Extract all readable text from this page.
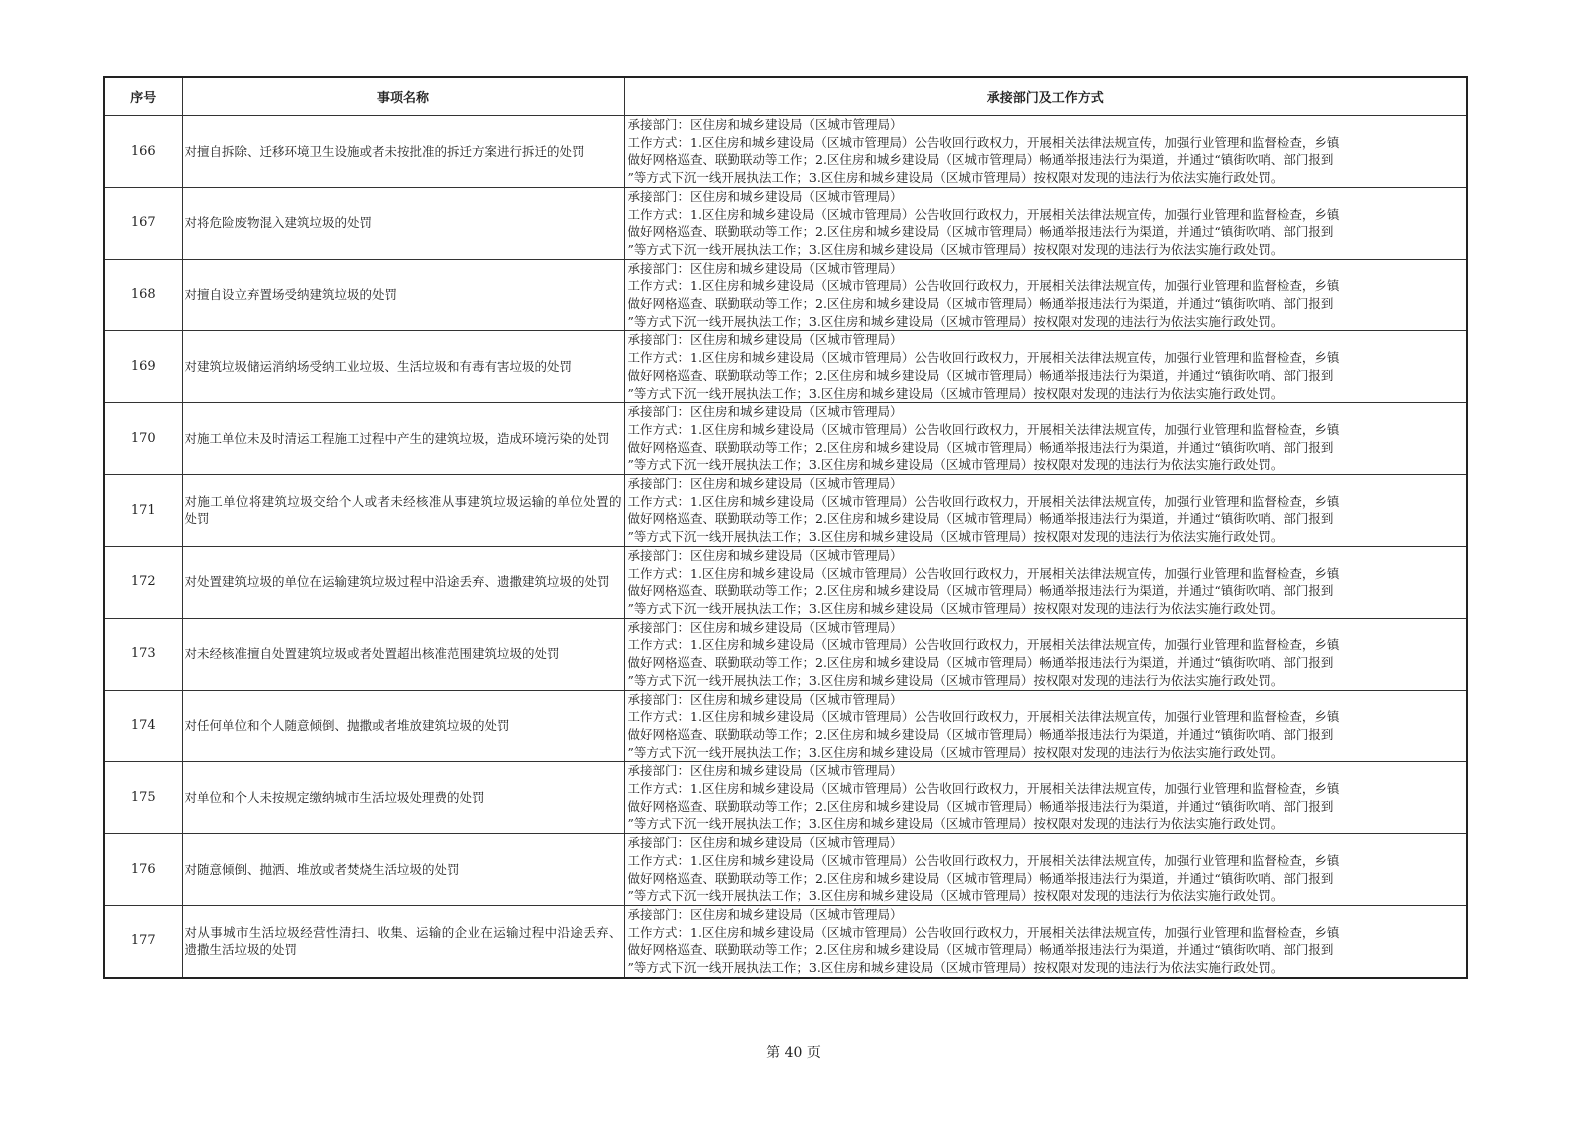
序号	事项名称	承接部门及工作方式
166	对擅自拆除、迁移环境卫生设施或者未按批准的拆迁方案进行拆迁的处罚	承接部门：区住房和城乡建设局（区城市管理局）
工作方式：1.区住房和城乡建设局（区城市管理局）公告收回行政权力，开展相关法律法规宣传，加强行业管理和监督检查，乡镇
做好网格巡查、联勤联动等工作；2.区住房和城乡建设局（区城市管理局）畅通举报违法行为渠道，并通过“镇街吹哨、部门报到
”等方式下沉一线开展执法工作；3.区住房和城乡建设局（区城市管理局）按权限对发现的违法行为依法实施行政处罚。

167	对将危险废物混入建筑垃圾的处罚	承接部门：区住房和城乡建设局（区城市管理局）
工作方式：1.区住房和城乡建设局（区城市管理局）公告收回行政权力，开展相关法律法规宣传，加强行业管理和监督检查，乡镇
做好网格巡查、联勤联动等工作；2.区住房和城乡建设局（区城市管理局）畅通举报违法行为渠道，并通过“镇街吹哨、部门报到
”等方式下沉一线开展执法工作；3.区住房和城乡建设局（区城市管理局）按权限对发现的违法行为依法实施行政处罚。

168	对擅自设立弃置场受纳建筑垃圾的处罚	承接部门：区住房和城乡建设局（区城市管理局）
工作方式：1.区住房和城乡建设局（区城市管理局）公告收回行政权力，开展相关法律法规宣传，加强行业管理和监督检查，乡镇
做好网格巡查、联勤联动等工作；2.区住房和城乡建设局（区城市管理局）畅通举报违法行为渠道，并通过“镇街吹哨、部门报到
”等方式下沉一线开展执法工作；3.区住房和城乡建设局（区城市管理局）按权限对发现的违法行为依法实施行政处罚。

169	对建筑垃圾储运消纳场受纳工业垃圾、生活垃圾和有毒有害垃圾的处罚	承接部门：区住房和城乡建设局（区城市管理局）
工作方式：1.区住房和城乡建设局（区城市管理局）公告收回行政权力，开展相关法律法规宣传，加强行业管理和监督检查，乡镇
做好网格巡查、联勤联动等工作；2.区住房和城乡建设局（区城市管理局）畅通举报违法行为渠道，并通过“镇街吹哨、部门报到
”等方式下沉一线开展执法工作；3.区住房和城乡建设局（区城市管理局）按权限对发现的违法行为依法实施行政处罚。

170	对施工单位未及时清运工程施工过程中产生的建筑垃圾，造成环境污染的处罚	承接部门：区住房和城乡建设局（区城市管理局）
工作方式：1.区住房和城乡建设局（区城市管理局）公告收回行政权力，开展相关法律法规宣传，加强行业管理和监督检查，乡镇
做好网格巡查、联勤联动等工作；2.区住房和城乡建设局（区城市管理局）畅通举报违法行为渠道，并通过“镇街吹哨、部门报到
”等方式下沉一线开展执法工作；3.区住房和城乡建设局（区城市管理局）按权限对发现的违法行为依法实施行政处罚。

171	对施工单位将建筑垃圾交给个人或者未经核准从事建筑垃圾运输的单位处置的处罚	承接部门：区住房和城乡建设局（区城市管理局）
工作方式：1.区住房和城乡建设局（区城市管理局）公告收回行政权力，开展相关法律法规宣传，加强行业管理和监督检查，乡镇
做好网格巡查、联勤联动等工作；2.区住房和城乡建设局（区城市管理局）畅通举报违法行为渠道，并通过“镇街吹哨、部门报到
”等方式下沉一线开展执法工作；3.区住房和城乡建设局（区城市管理局）按权限对发现的违法行为依法实施行政处罚。

172	对处置建筑垃圾的单位在运输建筑垃圾过程中沿途丢弃、遗撒建筑垃圾的处罚	承接部门：区住房和城乡建设局（区城市管理局）
工作方式：1.区住房和城乡建设局（区城市管理局）公告收回行政权力，开展相关法律法规宣传，加强行业管理和监督检查，乡镇
做好网格巡查、联勤联动等工作；2.区住房和城乡建设局（区城市管理局）畅通举报违法行为渠道，并通过“镇街吹哨、部门报到
”等方式下沉一线开展执法工作；3.区住房和城乡建设局（区城市管理局）按权限对发现的违法行为依法实施行政处罚。

173	对未经核准擅自处置建筑垃圾或者处置超出核准范围建筑垃圾的处罚	承接部门：区住房和城乡建设局（区城市管理局）
工作方式：1.区住房和城乡建设局（区城市管理局）公告收回行政权力，开展相关法律法规宣传，加强行业管理和监督检查，乡镇
做好网格巡查、联勤联动等工作；2.区住房和城乡建设局（区城市管理局）畅通举报违法行为渠道，并通过“镇街吹哨、部门报到
”等方式下沉一线开展执法工作；3.区住房和城乡建设局（区城市管理局）按权限对发现的违法行为依法实施行政处罚。

174	对任何单位和个人随意倾倒、抛撒或者堆放建筑垃圾的处罚	承接部门：区住房和城乡建设局（区城市管理局）
工作方式：1.区住房和城乡建设局（区城市管理局）公告收回行政权力，开展相关法律法规宣传，加强行业管理和监督检查，乡镇
做好网格巡查、联勤联动等工作；2.区住房和城乡建设局（区城市管理局）畅通举报违法行为渠道，并通过“镇街吹哨、部门报到
”等方式下沉一线开展执法工作；3.区住房和城乡建设局（区城市管理局）按权限对发现的违法行为依法实施行政处罚。

175	对单位和个人未按规定缴纳城市生活垃圾处理费的处罚	承接部门：区住房和城乡建设局（区城市管理局）
工作方式：1.区住房和城乡建设局（区城市管理局）公告收回行政权力，开展相关法律法规宣传，加强行业管理和监督检查，乡镇
做好网格巡查、联勤联动等工作；2.区住房和城乡建设局（区城市管理局）畅通举报违法行为渠道，并通过“镇街吹哨、部门报到
”等方式下沉一线开展执法工作；3.区住房和城乡建设局（区城市管理局）按权限对发现的违法行为依法实施行政处罚。

176	对随意倾倒、抛洒、堆放或者焚烧生活垃圾的处罚	承接部门：区住房和城乡建设局（区城市管理局）
工作方式：1.区住房和城乡建设局（区城市管理局）公告收回行政权力，开展相关法律法规宣传，加强行业管理和监督检查，乡镇
做好网格巡查、联勤联动等工作；2.区住房和城乡建设局（区城市管理局）畅通举报违法行为渠道，并通过“镇街吹哨、部门报到
”等方式下沉一线开展执法工作；3.区住房和城乡建设局（区城市管理局）按权限对发现的违法行为依法实施行政处罚。

177	对从事城市生活垃圾经营性清扫、收集、运输的企业在运输过程中沿途丢弃、遗撒生活垃圾的处罚	承接部门：区住房和城乡建设局（区城市管理局）
工作方式：1.区住房和城乡建设局（区城市管理局）公告收回行政权力，开展相关法律法规宣传，加强行业管理和监督检查，乡镇
做好网格巡查、联勤联动等工作；2.区住房和城乡建设局（区城市管理局）畅通举报违法行为渠道，并通过“镇街吹哨、部门报到
”等方式下沉一线开展执法工作；3.区住房和城乡建设局（区城市管理局）按权限对发现的违法行为依法实施行政处罚。
第 40 页
